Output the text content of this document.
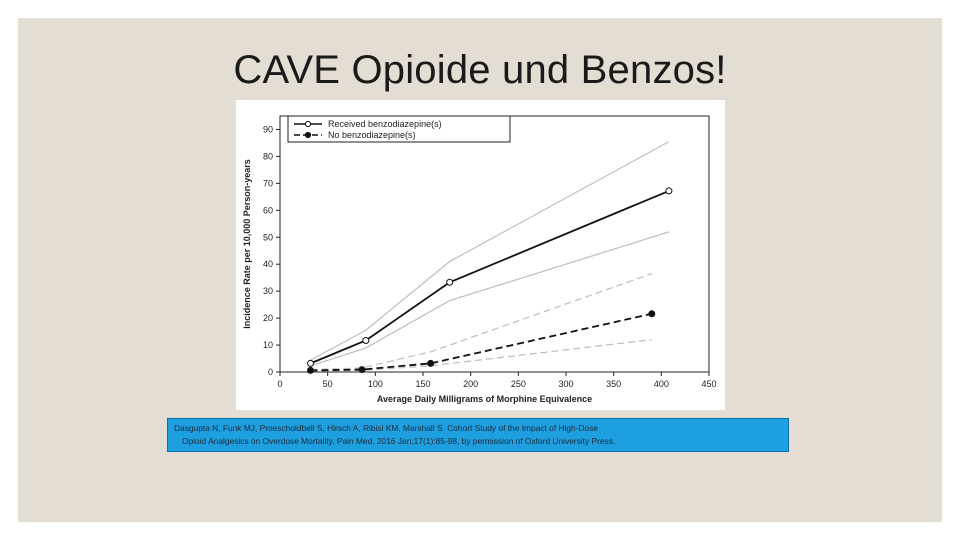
CAVE Opioide und Benzos!
0
10
20
30
40
50
60
70
80
90
0	50	100	150	200	250	300	350	400	450
Average Daily Milligrams of Morphine Equivalence
Incidence Rate per 10,000 Person-years
Received benzodiazepine(s)
No benzodiazepine(s)
Dasgupta N, Funk MJ, Proescholdbell S, Hirsch A, Ribisl KM, Marshall S. Cohort Study of the Impact of High-Dose
Opioid Analgesics on Overdose Mortality. Pain Med. 2016 Jan;17(1):85-98, by permission of Oxford University Press.
